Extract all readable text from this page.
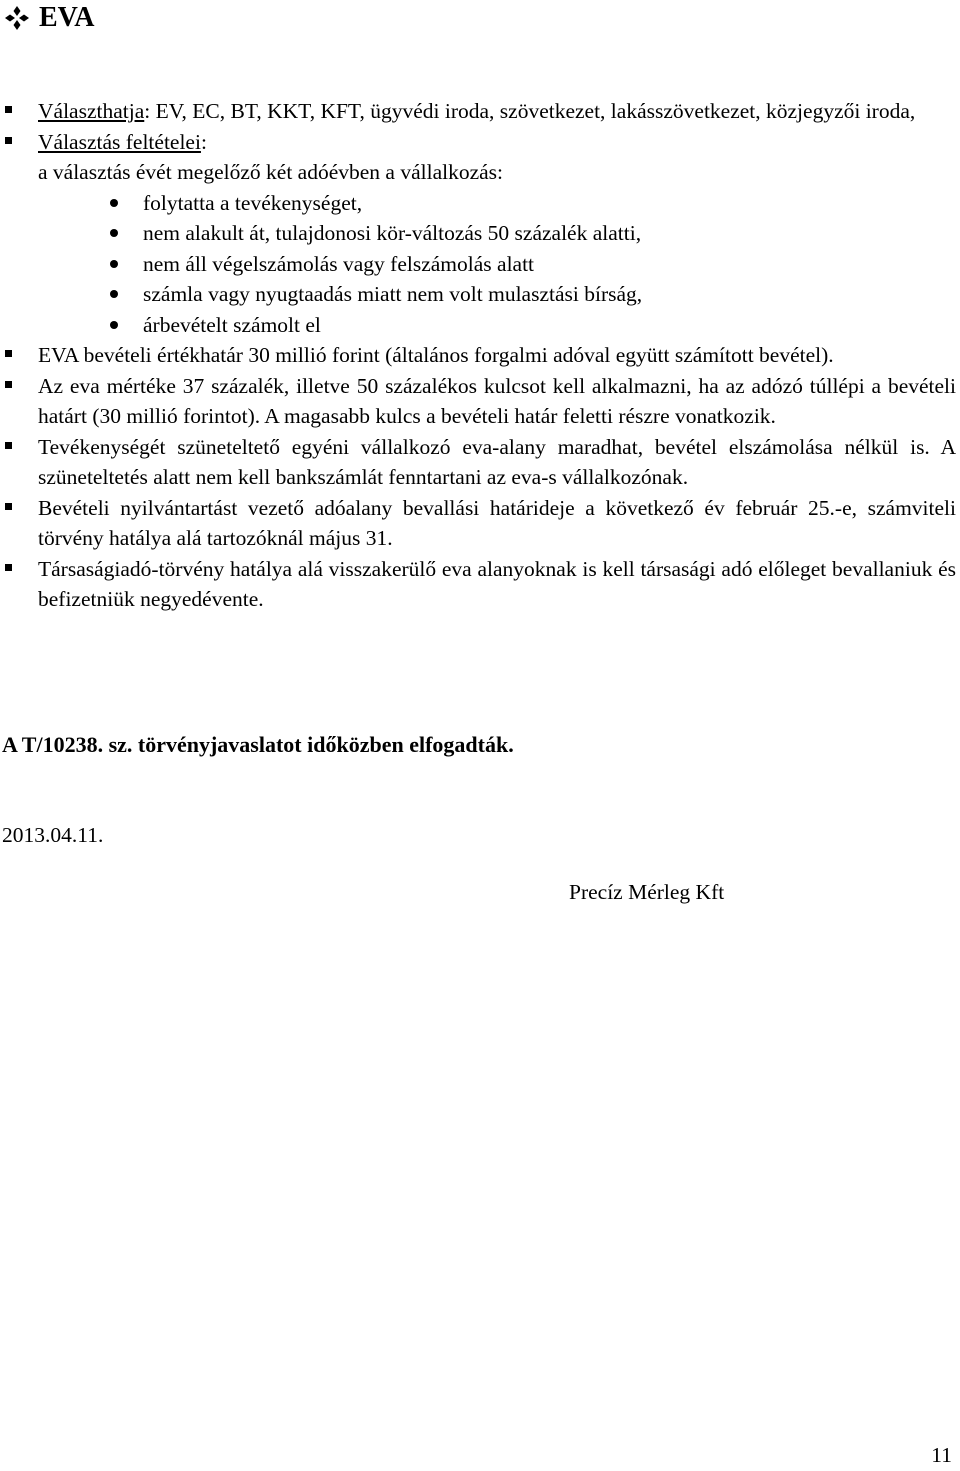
EVA
Választhatja: EV, EC, BT, KKT, KFT, ügyvédi iroda, szövetkezet, lakásszövetkezet, közjegyzői iroda,
Választás feltételei:
a választás évét megelőző két adóévben a vállalkozás:
folytatta a tevékenységet,
nem alakult át, tulajdonosi kör-változás 50 százalék alatti,
nem áll végelszámolás vagy felszámolás alatt
számla vagy nyugtaadás miatt nem volt mulasztási bírság,
árbevételt számolt el
EVA bevételi értékhatár 30 millió forint (általános forgalmi adóval együtt számított bevétel).
Az eva mértéke 37 százalék, illetve 50 százalékos kulcsot kell alkalmazni, ha az adózó túllépi a bevételi határt (30 millió forintot). A magasabb kulcs a bevételi határ feletti részre vonatkozik.
Tevékenységét szüneteltető egyéni vállalkozó eva-alany maradhat, bevétel elszámolása nélkül is. A szüneteltetés alatt nem kell bankszámlát fenntartani az eva-s vállalkozónak.
Bevételi nyilvántartást vezető adóalany bevallási határideje a következő év február 25.-e, számviteli törvény hatálya alá tartozóknál május 31.
Társaságiadó-törvény hatálya alá visszakerülő eva alanyoknak is kell társasági adó előleget bevallaniuk és befizetniük negyedévente.
A T/10238. sz. törvényjavaslatot időközben elfogadták.
2013.04.11.
Precíz Mérleg Kft
11
